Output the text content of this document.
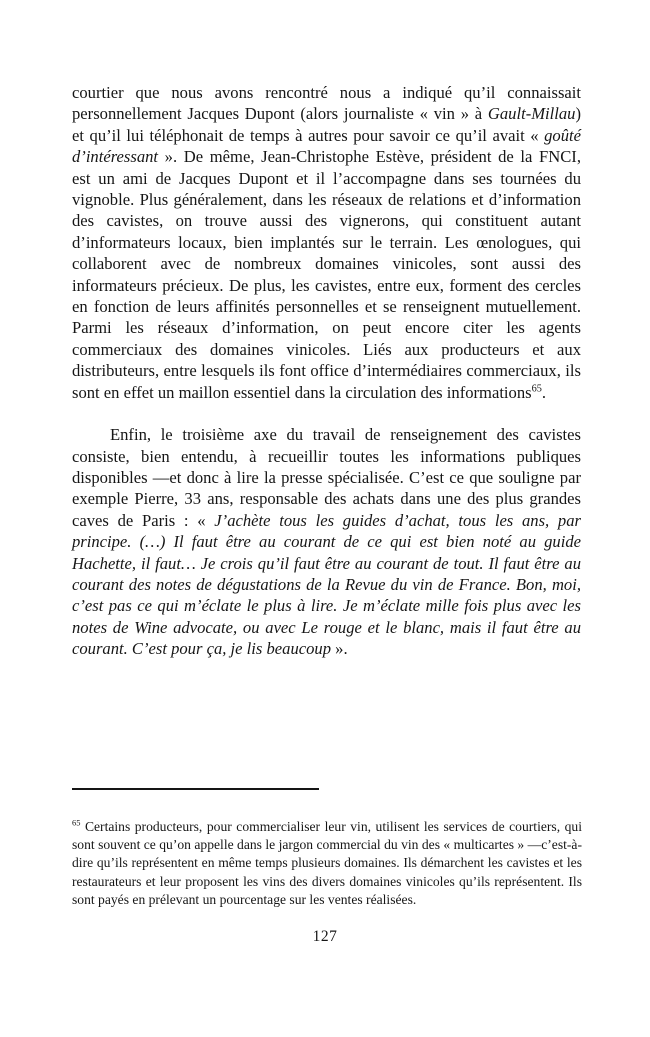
courtier que nous avons rencontré nous a indiqué qu’il connaissait personnellement Jacques Dupont (alors journaliste « vin » à Gault-Millau) et qu’il lui téléphonait de temps à autres pour savoir ce qu’il avait « goûté d’intéressant ». De même, Jean-Christophe Estève, président de la FNCI, est un ami de Jacques Dupont et il l’accompagne dans ses tournées du vignoble. Plus généralement, dans les réseaux de relations et d’information des cavistes, on trouve aussi des vignerons, qui constituent autant d’informateurs locaux, bien implantés sur le terrain. Les œnologues, qui collaborent avec de nombreux domaines vinicoles, sont aussi des informateurs précieux. De plus, les cavistes, entre eux, forment des cercles en fonction de leurs affinités personnelles et se renseignent mutuellement. Parmi les réseaux d’information, on peut encore citer les agents commerciaux des domaines vinicoles. Liés aux producteurs et aux distributeurs, entre lesquels ils font office d’intermédiaires commerciaux, ils sont en effet un maillon essentiel dans la circulation des informations$^{65}$.

Enfin, le troisième axe du travail de renseignement des cavistes consiste, bien entendu, à recueillir toutes les informations publiques disponibles —et donc à lire la presse spécialisée. C’est ce que souligne par exemple Pierre, 33 ans, responsable des achats dans une des plus grandes caves de Paris : « J’achète tous les guides d’achat, tous les ans, par principe. (…) Il faut être au courant de ce qui est bien noté au guide Hachette, il faut… Je crois qu’il faut être au courant de tout. Il faut être au courant des notes de dégustations de la Revue du vin de France. Bon, moi, c’est pas ce qui m’éclate le plus à lire. Je m’éclate mille fois plus avec les notes de Wine advocate, ou avec Le rouge et le blanc, mais il faut être au courant. C’est pour ça, je lis beaucoup ».

$^{65}$ Certains producteurs, pour commercialiser leur vin, utilisent les services de courtiers, qui sont souvent ce qu’on appelle dans le jargon commercial du vin des « multicartes » —c’est-à-dire qu’ils représentent en même temps plusieurs domaines. Ils démarchent les cavistes et les restaurateurs et leur proposent les vins des divers domaines vinicoles qu’ils représentent. Ils sont payés en prélevant un pourcentage sur les ventes réalisées.
127
